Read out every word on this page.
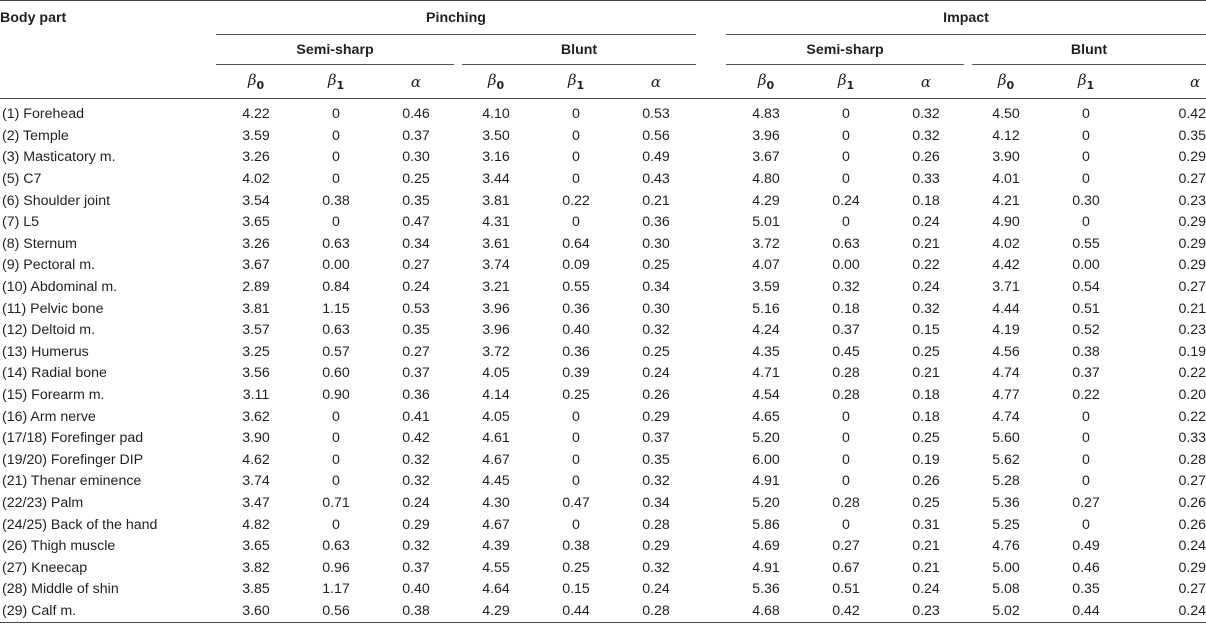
Body part	Pinching							Impact					

	Semi-sharp			Blunt				Semi-sharp			Blunt		

	$\beta_0$	$\beta_1$	α	$\beta_0$	$\beta_1$	α		$\beta_0$	$\beta_1$	α	$\beta_0$	$\beta_1$	α

(1) Forehead	4.22	0	0.46	4.10	0	0.53		4.83	0	0.32	4.50	0	0.42
(2) Temple	3.59	0	0.37	3.50	0	0.56		3.96	0	0.32	4.12	0	0.35
(3) Masticatory m.	3.26	0	0.30	3.16	0	0.49		3.67	0	0.26	3.90	0	0.29
(5) C7	4.02	0	0.25	3.44	0	0.43		4.80	0	0.33	4.01	0	0.27
(6) Shoulder joint	3.54	0.38	0.35	3.81	0.22	0.21		4.29	0.24	0.18	4.21	0.30	0.23
(7) L5	3.65	0	0.47	4.31	0	0.36		5.01	0	0.24	4.90	0	0.29
(8) Sternum	3.26	0.63	0.34	3.61	0.64	0.30		3.72	0.63	0.21	4.02	0.55	0.29
(9) Pectoral m.	3.67	0.00	0.27	3.74	0.09	0.25		4.07	0.00	0.22	4.42	0.00	0.29
(10) Abdominal m.	2.89	0.84	0.24	3.21	0.55	0.34		3.59	0.32	0.24	3.71	0.54	0.27
(11) Pelvic bone	3.81	1.15	0.53	3.96	0.36	0.30		5.16	0.18	0.32	4.44	0.51	0.21
(12) Deltoid m.	3.57	0.63	0.35	3.96	0.40	0.32		4.24	0.37	0.15	4.19	0.52	0.23
(13) Humerus	3.25	0.57	0.27	3.72	0.36	0.25		4.35	0.45	0.25	4.56	0.38	0.19
(14) Radial bone	3.56	0.60	0.37	4.05	0.39	0.24		4.71	0.28	0.21	4.74	0.37	0.22
(15) Forearm m.	3.11	0.90	0.36	4.14	0.25	0.26		4.54	0.28	0.18	4.77	0.22	0.20
(16) Arm nerve	3.62	0	0.41	4.05	0	0.29		4.65	0	0.18	4.74	0	0.22
(17/18) Forefinger pad	3.90	0	0.42	4.61	0	0.37		5.20	0	0.25	5.60	0	0.33
(19/20) Forefinger DIP	4.62	0	0.32	4.67	0	0.35		6.00	0	0.19	5.62	0	0.28
(21) Thenar eminence	3.74	0	0.32	4.45	0	0.32		4.91	0	0.26	5.28	0	0.27
(22/23) Palm	3.47	0.71	0.24	4.30	0.47	0.34		5.20	0.28	0.25	5.36	0.27	0.26
(24/25) Back of the hand	4.82	0	0.29	4.67	0	0.28		5.86	0	0.31	5.25	0	0.26
(26) Thigh muscle	3.65	0.63	0.32	4.39	0.38	0.29		4.69	0.27	0.21	4.76	0.49	0.24
(27) Kneecap	3.82	0.96	0.37	4.55	0.25	0.32		4.91	0.67	0.21	5.00	0.46	0.29
(28) Middle of shin	3.85	1.17	0.40	4.64	0.15	0.24		5.36	0.51	0.24	5.08	0.35	0.27
(29) Calf m.	3.60	0.56	0.38	4.29	0.44	0.28		4.68	0.42	0.23	5.02	0.44	0.24
